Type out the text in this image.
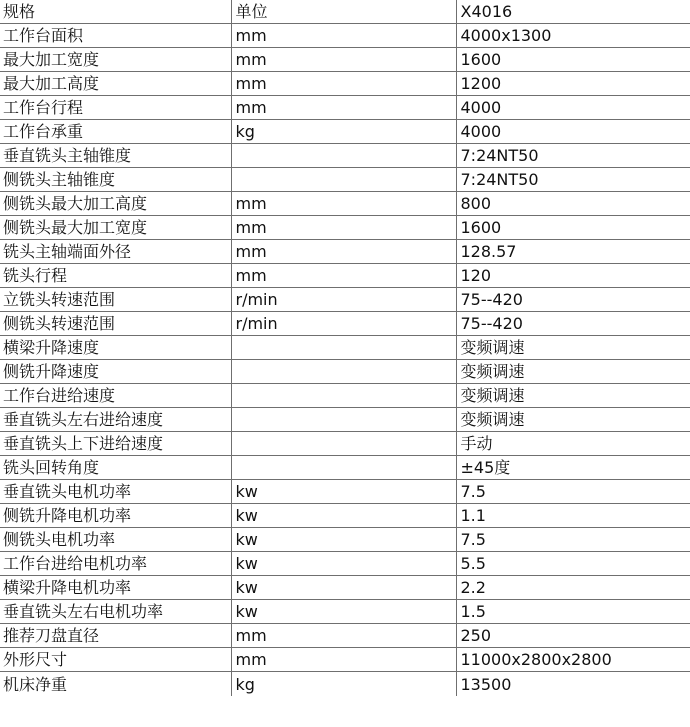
规格	单位	X4016
工作台面积	mm	4000x1300
最大加工宽度	mm	1600
最大加工高度	mm	1200
工作台行程	mm	4000
工作台承重	kg	4000
垂直铣头主轴锥度		7:24NT50
侧铣头主轴锥度		7:24NT50
侧铣头最大加工高度	mm	800
侧铣头最大加工宽度	mm	1600
铣头主轴端面外径	mm	128.57
铣头行程	mm	120
立铣头转速范围	r/min	75--420
侧铣头转速范围	r/min	75--420
横梁升降速度		变频调速
侧铣升降速度		变频调速
工作台进给速度		变频调速
垂直铣头左右进给速度		变频调速
垂直铣头上下进给速度		手动
铣头回转角度		±45度
垂直铣头电机功率	kw	7.5
侧铣升降电机功率	kw	1.1
侧铣头电机功率	kw	7.5
工作台进给电机功率	kw	5.5
横梁升降电机功率	kw	2.2
垂直铣头左右电机功率	kw	1.5
推荐刀盘直径	mm	250
外形尺寸	mm	11000x2800x2800
机床净重	kg	13500
